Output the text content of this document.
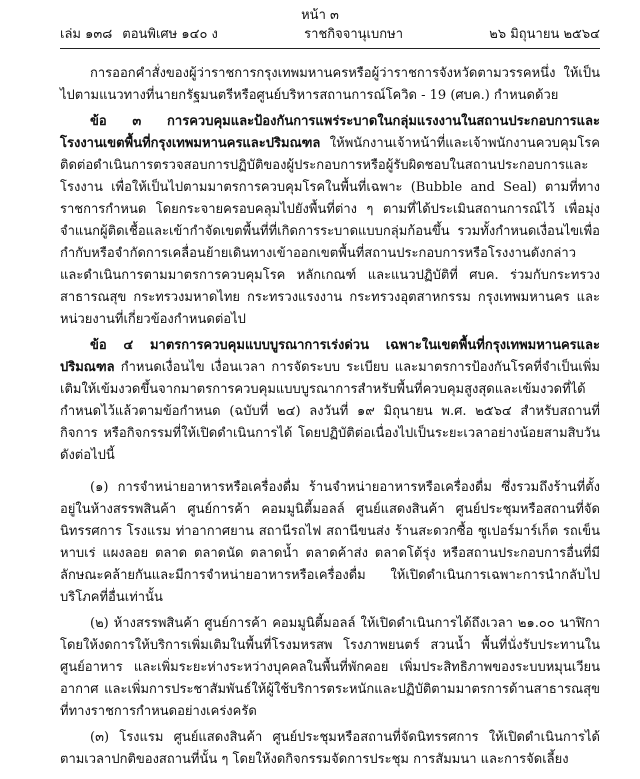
หน้า ๓
เล่ม ๑๓๘ ตอนพิเศษ ๑๔๐ ง	ราชกิจจานุเบกษา	๒๖ มิถุนายน ๒๕๖๔

การออกคำสั่งของผู้ว่าราชการกรุงเทพมหานครหรือผู้ว่าราชการจังหวัดตามวรรคหนึ่ง ให้เป็นไปตามแนวทางที่นายกรัฐมนตรีหรือศูนย์บริหารสถานการณ์โควิด - 19 (ศบค.) กำหนดด้วย

ข้อ ๓ การควบคุมและป้องกันการแพร่ระบาดในกลุ่มแรงงานในสถานประกอบการและโรงงานเขตพื้นที่กรุงเทพมหานครและปริมณฑล ให้พนักงานเจ้าหน้าที่และเจ้าพนักงานควบคุมโรคติดต่อดำเนินการตรวจสอบการปฏิบัติของผู้ประกอบการหรือผู้รับผิดชอบในสถานประกอบการและโรงงาน เพื่อให้เป็นไปตามมาตรการควบคุมโรคในพื้นที่เฉพาะ (Bubble and Seal) ตามที่ทางราชการกำหนด โดยกระจายครอบคลุมไปยังพื้นที่ต่าง ๆ ตามที่ได้ประเมินสถานการณ์ไว้ เพื่อมุ่งจำแนกผู้ติดเชื้อและเข้ากำจัดเขตพื้นที่ที่เกิดการระบาดแบบกลุ่มก้อนขึ้น รวมทั้งกำหนดเงื่อนไขเพื่อกำกับหรือจำกัดการเคลื่อนย้ายเดินทางเข้าออกเขตพื้นที่สถานประกอบการหรือโรงงานดังกล่าว และดำเนินการตามมาตรการควบคุมโรค หลักเกณฑ์ และแนวปฏิบัติที่ ศบค. ร่วมกับกระทรวงสาธารณสุข กระทรวงมหาดไทย กระทรวงแรงงาน กระทรวงอุตสาหกรรม กรุงเทพมหานคร และหน่วยงานที่เกี่ยวข้องกำหนดต่อไป

ข้อ ๔ มาตรการควบคุมแบบบูรณาการเร่งด่วน เฉพาะในเขตพื้นที่กรุงเทพมหานครและปริมณฑล กำหนดเงื่อนไข เงื่อนเวลา การจัดระบบ ระเบียบ และมาตรการป้องกันโรคที่จำเป็นเพิ่มเติมให้เข้มงวดขึ้นจากมาตรการควบคุมแบบบูรณาการสำหรับพื้นที่ควบคุมสูงสุดและเข้มงวดที่ได้กำหนดไว้แล้วตามข้อกำหนด (ฉบับที่ ๒๔) ลงวันที่ ๑๙ มิถุนายน พ.ศ. ๒๕๖๔ สำหรับสถานที่ กิจการ หรือกิจกรรมที่ให้เปิดดำเนินการได้ โดยปฏิบัติต่อเนื่องไปเป็นระยะเวลาอย่างน้อยสามสิบวัน ดังต่อไปนี้

(๑) การจำหน่ายอาหารหรือเครื่องดื่ม ร้านจำหน่ายอาหารหรือเครื่องดื่ม ซึ่งรวมถึงร้านที่ตั้งอยู่ในห้างสรรพสินค้า ศูนย์การค้า คอมมูนิตี้มอลล์ ศูนย์แสดงสินค้า ศูนย์ประชุมหรือสถานที่จัดนิทรรศการ โรงแรม ท่าอากาศยาน สถานีรถไฟ สถานีขนส่ง ร้านสะดวกซื้อ ซูเปอร์มาร์เก็ต รถเข็น หาบเร่ แผงลอย ตลาด ตลาดนัด ตลาดน้ำ ตลาดค้าส่ง ตลาดโต้รุ่ง หรือสถานประกอบการอื่นที่มีลักษณะคล้ายกันและมีการจำหน่ายอาหารหรือเครื่องดื่ม ให้เปิดดำเนินการเฉพาะการนำกลับไปบริโภคที่อื่นเท่านั้น

(๒) ห้างสรรพสินค้า ศูนย์การค้า คอมมูนิตี้มอลล์ ให้เปิดดำเนินการได้ถึงเวลา ๒๑.๐๐ นาฬิกา โดยให้งดการให้บริการเพิ่มเติมในพื้นที่โรงมหรสพ โรงภาพยนตร์ สวนน้ำ พื้นที่นั่งรับประทานในศูนย์อาหาร และเพิ่มระยะห่างระหว่างบุคคลในพื้นที่พักคอย เพิ่มประสิทธิภาพของระบบหมุนเวียนอากาศ และเพิ่มการประชาสัมพันธ์ให้ผู้ใช้บริการตระหนักและปฏิบัติตามมาตรการด้านสาธารณสุขที่ทางราชการกำหนดอย่างเคร่งครัด

(๓) โรงแรม ศูนย์แสดงสินค้า ศูนย์ประชุมหรือสถานที่จัดนิทรรศการ ให้เปิดดำเนินการได้ตามเวลาปกติของสถานที่นั้น ๆ โดยให้งดกิจกรรมจัดการประชุม การสัมมนา และการจัดเลี้ยง
